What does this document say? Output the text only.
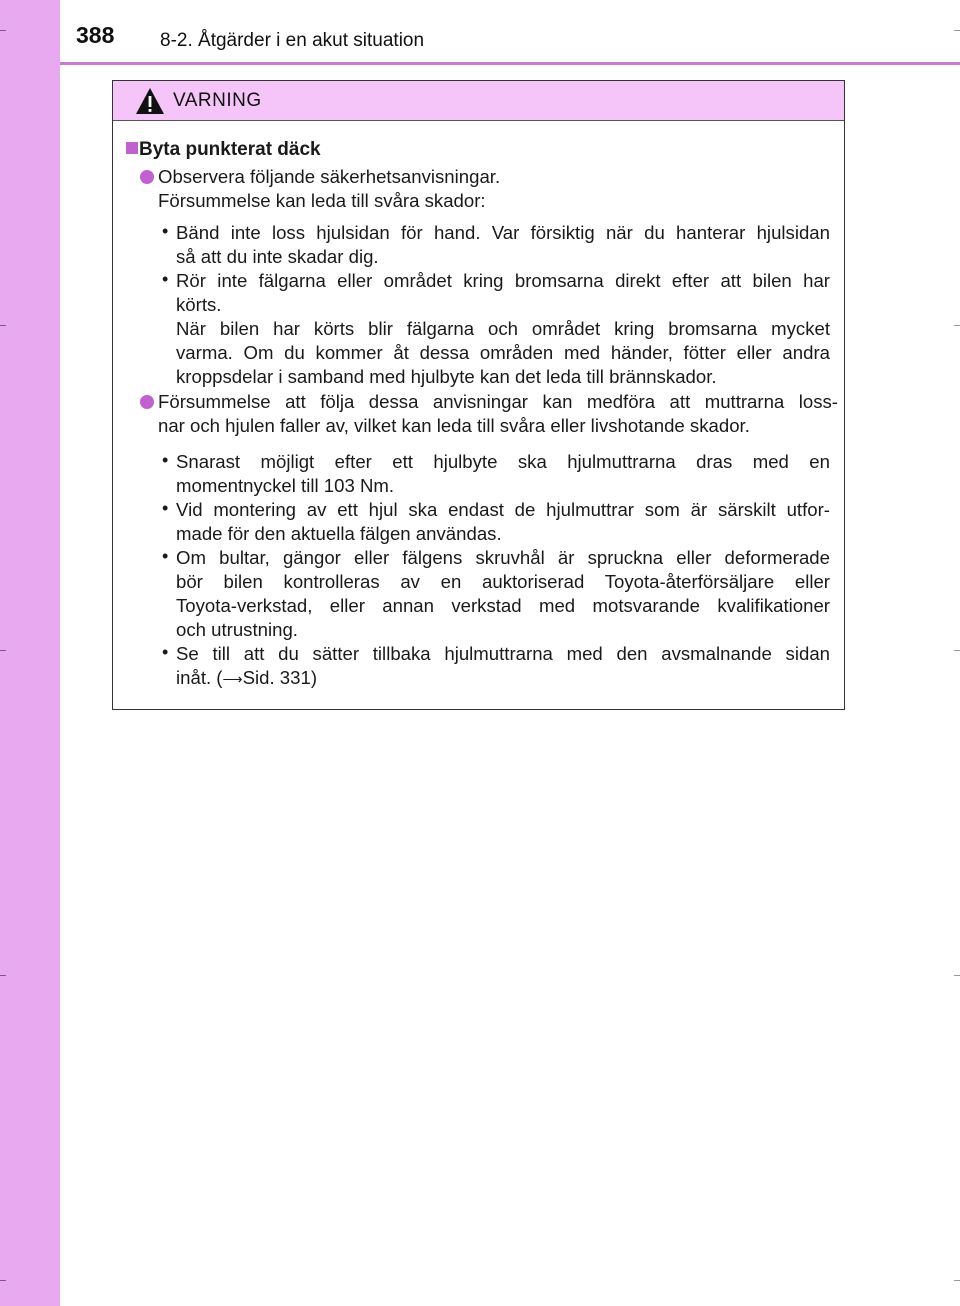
388 8-2. Åtgärder i en akut situation
VARNING
Byta punkterat däck
Observera följande säkerhetsanvisningar.
Försummelse kan leda till svåra skador:
• Bänd inte loss hjulsidan för hand. Var försiktig när du hanterar hjulsidan
så att du inte skadar dig.
• Rör inte fälgarna eller området kring bromsarna direkt efter att bilen har
körts.
När bilen har körts blir fälgarna och området kring bromsarna mycket
varma. Om du kommer åt dessa områden med händer, fötter eller andra
kroppsdelar i samband med hjulbyte kan det leda till brännskador.
Försummelse att följa dessa anvisningar kan medföra att muttrarna loss-
nar och hjulen faller av, vilket kan leda till svåra eller livshotande skador.
• Snarast möjligt efter ett hjulbyte ska hjulmuttrarna dras med en
momentnyckel till 103 Nm.
• Vid montering av ett hjul ska endast de hjulmuttrar som är särskilt utfor-
made för den aktuella fälgen användas.
• Om bultar, gängor eller fälgens skruvhål är spruckna eller deformerade
bör bilen kontrolleras av en auktoriserad Toyota-återförsäljare eller
Toyota-verkstad, eller annan verkstad med motsvarande kvalifikationer
och utrustning.
• Se till att du sätter tillbaka hjulmuttrarna med den avsmalnande sidan
inåt. (⟶Sid. 331)
